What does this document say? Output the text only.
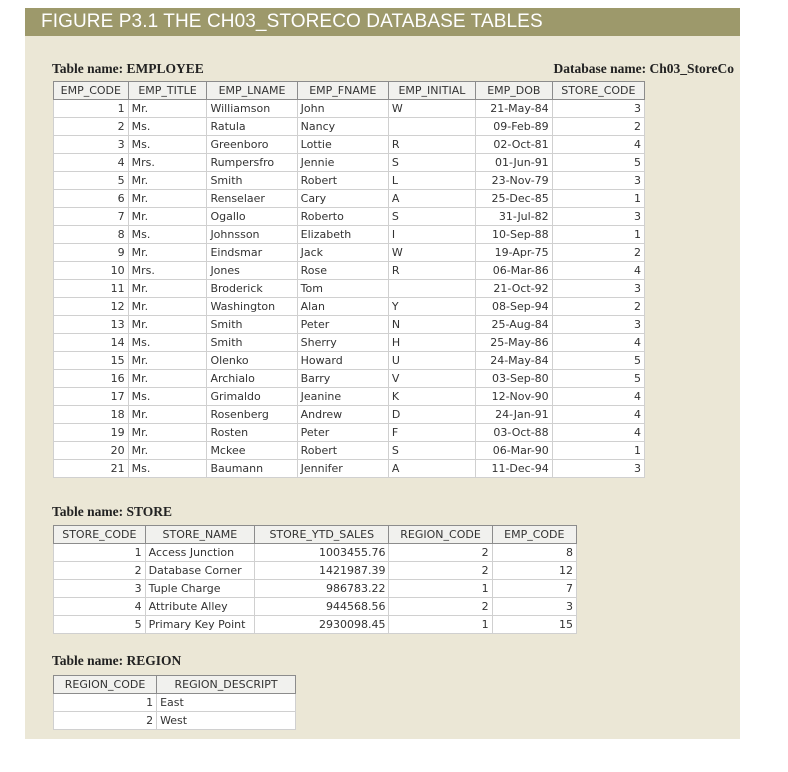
FIGURE P3.1 THE CH03_STORECO DATABASE TABLES
Table name: EMPLOYEE	Database name: Ch03_StoreCo
EMP_CODE	EMP_TITLE	EMP_LNAME	EMP_FNAME	EMP_INITIAL	EMP_DOB	STORE_CODE
1	Mr.	Williamson	John	W	21-May-84	3
2	Ms.	Ratula	Nancy		09-Feb-89	2
3	Ms.	Greenboro	Lottie	R	02-Oct-81	4
4	Mrs.	Rumpersfro	Jennie	S	01-Jun-91	5
5	Mr.	Smith	Robert	L	23-Nov-79	3
6	Mr.	Renselaer	Cary	A	25-Dec-85	1
7	Mr.	Ogallo	Roberto	S	31-Jul-82	3
8	Ms.	Johnsson	Elizabeth	I	10-Sep-88	1
9	Mr.	Eindsmar	Jack	W	19-Apr-75	2
10	Mrs.	Jones	Rose	R	06-Mar-86	4
11	Mr.	Broderick	Tom		21-Oct-92	3
12	Mr.	Washington	Alan	Y	08-Sep-94	2
13	Mr.	Smith	Peter	N	25-Aug-84	3
14	Ms.	Smith	Sherry	H	25-May-86	4
15	Mr.	Olenko	Howard	U	24-May-84	5
16	Mr.	Archialo	Barry	V	03-Sep-80	5
17	Ms.	Grimaldo	Jeanine	K	12-Nov-90	4
18	Mr.	Rosenberg	Andrew	D	24-Jan-91	4
19	Mr.	Rosten	Peter	F	03-Oct-88	4
20	Mr.	Mckee	Robert	S	06-Mar-90	1
21	Ms.	Baumann	Jennifer	A	11-Dec-94	3
Table name: STORE
STORE_CODE	STORE_NAME	STORE_YTD_SALES	REGION_CODE	EMP_CODE
1	Access Junction	1003455.76	2	8
2	Database Corner	1421987.39	2	12
3	Tuple Charge	986783.22	1	7
4	Attribute Alley	944568.56	2	3
5	Primary Key Point	2930098.45	1	15
Table name: REGION
REGION_CODE	REGION_DESCRIPT
1	East
2	West
